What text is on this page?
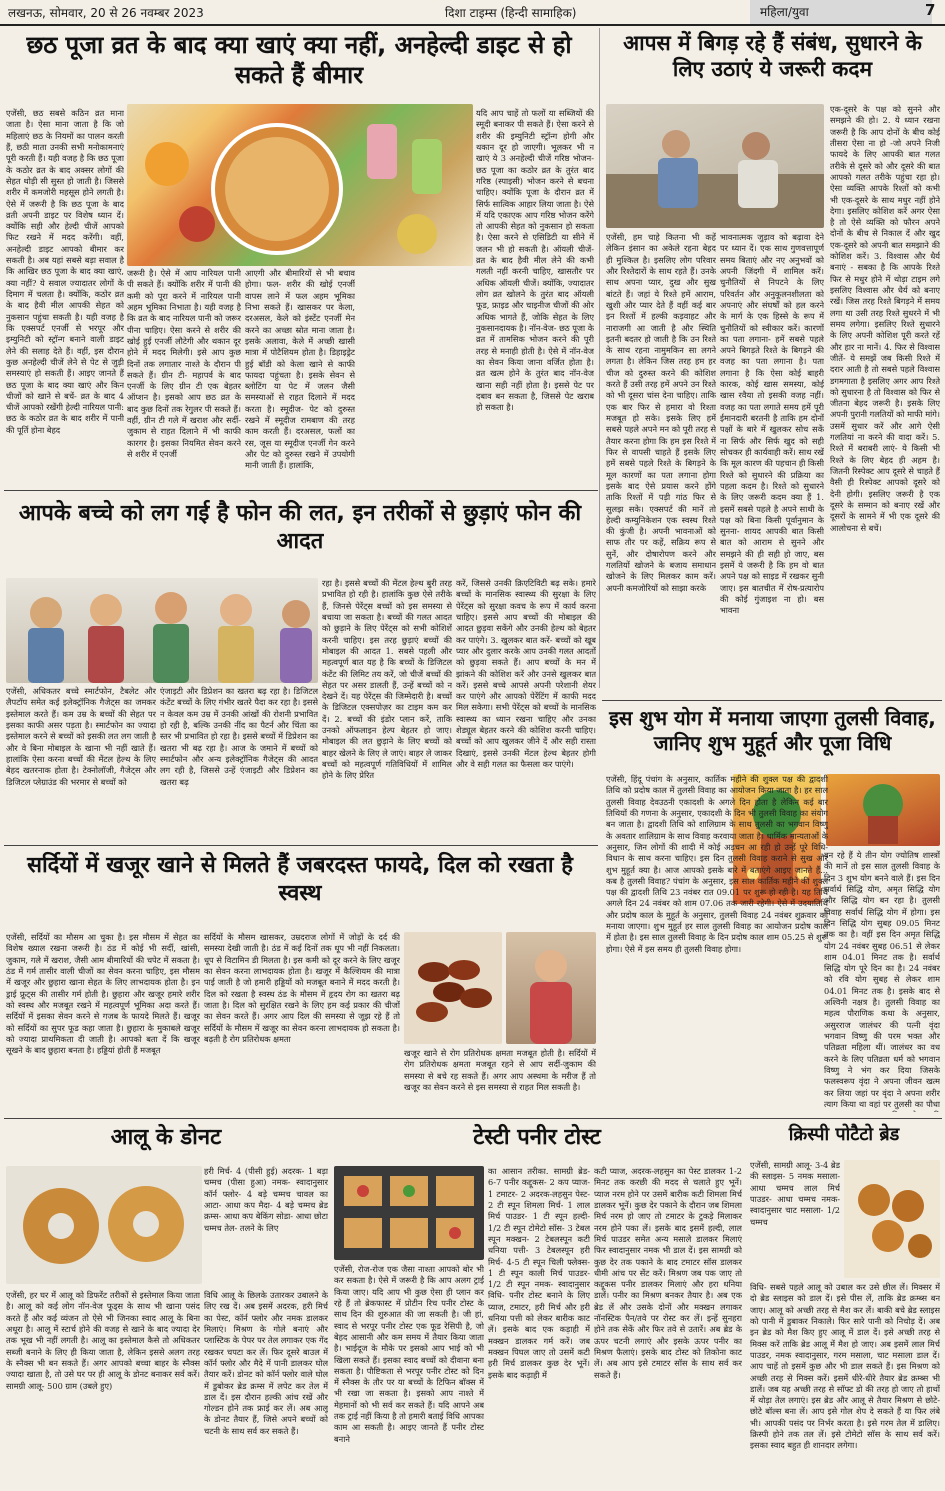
लखनऊ, सोमवार, 20 से 26 नवम्बर 2023	दिशा टाइम्स (हिन्दी सामाहिक)	महिला/युवा	7
छठ पूजा व्रत के बाद क्या खाएं क्या नहीं, अनहेल्दी डाइट से हो सकते हैं बीमार
एजेंसी, छठ सबसे कठिन व्रत माना जाता है। ऐसा माना जाता है कि जो महिलाएं छठ के नियमों का पालन करती हैं, छठी माता उनकी सभी मनोकामनाएं पूरी करती हैं। यही वजह है कि छठ पूजा के कठोर व्रत के बाद अक्सर लोगों की सेहत थोड़ी सी सुस्त हो जाती है। जिससे शरीर में कमजोरी महसूस होने लगती है। ऐसे में जरूरी है कि छठ पूजा के बाद व्रती अपनी डाइट पर विशेष ध्यान दें। क्योंकि सही और हेल्दी चीजें आपको फिट रखने में मदद करेंगी। वहीं, अनहेल्दी डाइट आपको बीमार कर सकती है। अब यहां सबसे बड़ा सवाल है कि आखिर छठ पूजा के बाद क्या खाएं, क्या नहीं? ये सवाल ज्यादातर लोगों के दिमाग में चलता है। क्योंकि, कठोर व्रत के बाद हैवी मील आपकी सेहत को नुकसान पहुंचा सकती है। यही वजह है कि एक्सपर्ट एनर्जी से भरपूर और इम्युनिटी को स्ट्रॉन्ग बनाने वाली डाइट लेने की सलाह देते हैं। वहीं, इस दौरान कुछ अनहेल्दी चीजें लेने से पेट से जुड़ी समस्याएं हो सकती हैं। आइए जानते हैं छठ पूजा के बाद क्या खाएं और किन चीजों को खाने से बचें- व्रत के बाद 4 चीजें आपको रखेंगी हेल्दी नारियल पानी: छठ के कठोर व्रत के बाद शरीर में पानी की पूर्ति होना बेहद
जरूरी है। ऐसे में आप नारियल पानी पी सकते हैं। क्योंकि शरीर में पानी की कमी को पूरा करने में नारियल पानी अहम भूमिका निभाता है। यही वजह है कि व्रत के बाद नारियल पानी को जरूर पीना चाहिए। ऐसा करने से शरीर की खोई हुई एनर्जी लौटेगी और थकान दूर होने में मदद मिलेगी। इसे आप कुछ दिनों तक लगातार नाश्ते के दौरान पी सकते हैं। ग्रीन टी- महापर्व के बाद एनर्जी के लिए ग्रीन टी एक बेहतर ऑप्शन है। इसको आप छठ व्रत के बाद कुछ दिनों तक रेगुलर पी सकते हैं। वहीं, ग्रीन टी गले में खराश और सर्दी-जुकाम से राहत दिलाने में भी काफी कारगर है। इसका नियमित सेवन करने से शरीर में एनर्जी
आएगी और बीमारियों से भी बचाव होगा। फल- शरीर की खोई एनर्जी वापस लाने में फल अहम भूमिका निभा सकते हैं। खासकर पर केला, दरअसल, केले को इंस्टेंट एनर्जी मेन करने का अच्छा स्रोत माना जाता है। इसके अलावा, केले में अच्छी खासी मात्रा में पोटैशियम होता है। डिहाइड्रेट हुई बॉडी को केला खाने से काफी फायदा पहुंचता है। इसके सेवन से ब्लोटिंग या पेट में जलन जैसी समस्याओं से राहत दिलाने में मदद करता है। स्मूदीज- पेट को दुरुस्त रखने में स्मूदीज रामबाण की तरह काम करती हैं। दरअसल, फलों का रस, जूस या स्मूदीज एनर्जी गेन करने और पेट को दुरुस्त रखने में उपयोगी मानी जाती हैं। हालांकि,
यदि आप चाहें तो फलों या सब्जियों की स्मूदी बनाकर पी सकते हैं। ऐसा करने से शरीर की इम्युनिटी स्ट्रॉन्ग होगी और थकान दूर हो जाएगी। भूलकर भी न खाएं ये 3 अनहेल्दी चीजें गरिष्ठ भोजन- छठ पूजा का कठोर व्रत के तुरंत बाद गरिष्ठ (स्पाइसी) भोजन करने से बचना चाहिए। क्योंकि पूजा के दौरान व्रत में सिर्फ सात्विक आहार लिया जाता है। ऐसे में यदि एकाएक आप गरिष्ठ भोजन करेंगे तो आपकी सेहत को नुकसान हो सकता है। ऐसा करने से एसिडिटी या सीने में जलन भी हो सकती है। ऑयली चीजें- व्रत के बाद हैवी मील लेने की कभी गलती नहीं करनी चाहिए, खासतौर पर अधिक ऑयली चीजें। क्योंकि, ज्यादातर लोग व्रत खोलने के तुरंत बाद ऑयली फूड, फ्राइड और चाइनीज चीजों की ओर अधिक भागते हैं, जोकि सेहत के लिए नुकसानदायक है। नॉन-वेज- छठ पूजा के व्रत में तामसिक भोजन करने की पूरी तरह से मनाही होती है। ऐसे में नॉन-वेज का सेवन किया जाना वर्जित होता है। व्रत खत्म होने के तुरंत बाद नॉन-वेज खाना सही नहीं होता है। इससे पेट पर दबाव बन सकता है, जिससे पेट खराब हो सकता है।
आपस में बिगड़ रहे हैं संबंध, सुधारने के लिए उठाएं ये जरूरी कदम
एजेंसी, हम चाहे कितना भी कहें लेकिन इंसान का अकेले रहना बेहद ही मुश्किल है। इसलिए लोग परिवार और रिश्तेदारों के साथ रहते हैं। उनके साथ अपना प्यार, दुख और सुख बांटते हैं। जहां ये रिश्ते हमें आराम, खुशी और प्यार देते हैं वहीं कई बार इन रिश्तों में हल्की कड़वाहट और नाराजगी आ जाती है और स्थिति इतनी बदतर हो जाती है कि उन रिश्ते के साथ रहना नामुमकिन सा लगने लगता है। लेकिन जिस तरह हम हर चीज को दुरुस्त करने की कोशिश करते हैं उसी तरह हमें अपने उन रिश्ते को भी दूसरा चांस देना चाहिए। ताकि एक बार फिर से हमारा वो रिश्ता मजबूत हो सके। इसके लिए हमें सबसे पहले अपने मन को पूरी तरह से तैयार करना होगा कि हम इस रिश्ते में फिर से वापसी चाहते हैं इसके लिए हमें सबसे पहले रिश्ते के बिगड़ने के मूल कारणों का पता लगाना होगा इसके बाद ऐसे प्रयास करने होंगे ताकि रिश्तों में पड़ी गांठ फिर से सुलझ सके। एक्सपर्ट की मानें तो हेल्दी कम्युनिकेशन एक स्वस्थ रिश्ते की कुंजी है। अपनी भावनाओं को साफ तौर पर कहें, सक्रिय रूप से सुनें, और दोषारोपण करने और गलतियों खोजने के बजाय समाधान खोजने के लिए मिलकर काम करें। अपनी कमजोरियों को साझा करके
भावनात्मक जुड़ाव को बढ़ावा देने पर ध्यान दें। एक साथ गुणवत्तापूर्ण समय बिताएं और नए अनुभवों को अपनी जिंदगी में शामिल करें। चुनौतियों से निपटने के लिए परिवर्तन और अनुकूलनशीलता को अपनाएं और संघर्षों को हल करने के मार्ग के एक हिस्से के रूप में चुनौतियों को स्वीकार करें। कारणों का पता लगाना- हमें सबसे पहले अपने बिगड़ते रिश्ते के बिगड़ने की वजह का पता लगाना है। पता लगाना है कि ऐसा कोई बाहरी कारक, कोई खास समस्या, कोई खास रवैया तो इसकी वजह नहीं। वजह का पता लगाते समय हमें पूरी ईमानदारी बरतनी है ताकि हम दोनों पक्षों के बारे में खुलकर सोच सकें ना सिर्फ और सिर्फ खुद को सही सोचकर ही कार्यवाही करें। साथ रखें कि मूल कारण की पहचान ही किसी रिश्ते को सुधारने की प्रक्रिया का पहला कदम है। रिश्ते को सुधारने के लिए जरूरी कदम क्या हैं 1. इसमें सबसे पहले है अपने साथी के पक्ष को बिना किसी पूर्वानुमान के सुनना- शायद आपकी बात किसी बात को आराम से सुनने और समझने की ही सही हो जाए, बस इसमें ये जरूरी है कि हम वो बात अपने पक्ष को साइड में रखकर सुनी जाए। इस बातचीत में रोष-प्रत्यारोप की कोई गुंजाइश ना हो। बस भावना
एक-दूसरे के पक्ष को सुनने और समझने की हो। 2. ये ध्यान रखना जरूरी है कि आप दोनों के बीच कोई तीसरा ऐसा ना हो -जो अपने निजी फायदे के लिए आपकी बात गलत तरीके से दूसरे को और दूसरे की बात आपको गलत तरीके पहुंचा रहा हो। ऐसा व्यक्ति आपके रिश्तों को कभी भी एक-दूसरे के साथ मधुर नहीं होने देगा। इसलिए कोशिश करें अगर ऐसा है तो ऐसे व्यक्ति को फौरन अपने दोनों के बीच से निकाल दें और खुद एक-दूसरे को अपनी बात समझाने की कोशिश करें। 3. विश्वास और धैर्य बनाएं - सबका है कि आपके रिश्ते फिर से मधुर होने में थोड़ा टाइम लगे इसलिए विश्वास और धैर्य को बनाए रखें। जिस तरह रिश्ते बिगड़ने में समय लगा था उसी तरह रिश्ते सुधरने में भी समय लगेगा। इसलिए रिश्ते सुधारने के लिए अपनी कोशिश पूरी करते रहें और हार ना मानें। 4. फिर से विश्वास जीतें- ये समझें जब किसी रिश्ते में दरार आती है तो सबसे पहले विश्वास डगमगाता है इसलिए अगर आप रिश्ते को सुधारना है तो विश्वास को फिर से जीतना बेहद जरूरी है। इसके लिए अपनी पुरानी गलतियों को माफी मांगे। उसमें सुधार करें और आगे ऐसी गलतियां ना करने की वादा करें। 5. रिश्ते में बराबरी लाएं- ये किसी भी रिश्ते के लिए बेहद ही अहम है। जितनी रिस्पेक्ट आप दूसरे से चाहते हैं वैसी ही रिस्पेक्ट आपको दूसरे को देनी होगी। इसलिए जरूरी है एक दूसरे के सम्मान को बनाए रखें और दूसरों के सामने में भी एक दूसरे की आलोचना से बचें।
आपके बच्चे को लग गई है फोन की लत, इन तरीकों से छुड़ाएं फोन की आदत
एजेंसी, अधिकतर बच्चे स्मार्टफोन, टैबलेट और लैपटॉप समेत कई इलेक्ट्रॉनिक गैजेट्स का जमकर इस्तेमाल करते हैं। कम उम्र के बच्चों की सेहत पर इसका काफी असर पड़ता है। स्मार्टफोन का ज्यादा इस्तेमाल करने से बच्चों को इसकी लत लग जाती है और वे बिना मोबाइल के खाना भी नहीं खाते हैं। हालांकि ऐसा करना बच्चों की मेंटल हेल्थ के लिए बेहद खतरनाक होता है। टेक्नोलॉजी, गैजेट्स और डिजिटल प्लेग्राउंड की भरमार से बच्चों को
एंजाइटी और डिप्रेशन का खतरा बढ़ रहा है। डिजिटल कंटेंट बच्चों के लिए गंभीर खतरे पैदा कर रहा है। इससे न केवल कम उम्र में उनकी आंखों की रोशनी प्रभावित हो रही है, बल्कि उनकी नींद का पैटर्न और चिंता का स्तर भी प्रभावित हो रहा है। इससे बच्चों में डिप्रेशन का खतरा भी बढ़ रहा है। आज के जमाने में बच्चों को स्मार्टफोन और अन्य इलेक्ट्रॉनिक गैजेट्स की आदत लग रही है, जिससे उन्हें एंजाइटी और डिप्रेशन का खतरा बढ़
रहा है। इससे बच्चों की मेंटल हेल्थ बुरी तरह प्रभावित हो रही है। हालांकि कुछ ऐसे तरीके हैं, जिनसे पेरेंट्स बच्चों को इस समस्या से बचाया जा सकता है। बच्चों की गलत आदत को छुड़ाने के लिए पेरेंट्स को सभी कोशिशें करनी चाहिए। इस तरह छुड़ाएं बच्चों की मोबाइल की आदत 1. सबसे पहली और महत्वपूर्ण बात यह है कि बच्चों के डिजिटल कंटेंट की लिमिट तय करें, जो चीजें बच्चों की सेहत पर असर डालती हैं, उन्हें बच्चों को न देखने दें। यह पेरेंट्स की जिम्मेदारी है। बच्चों के डिजिटल एक्सपोज़र का टाइम कम कर दें। 2. बच्चों की इंडोर प्लान करें, ताकि उनको ऑफलाइन हेल्प बेहतर हो जाए। मोबाइल की लत छुड़ाने के लिए बच्चों को बाहर खेलने के लिए ले जाएं। बाहर ले जाकर बच्चों को महत्वपूर्ण गतिविधियों में शामिल होने के लिए प्रेरित
करें, जिससे उनकी क्रिएटिविटी बढ़ सके। हमारे बच्चों के मानसिक स्वास्थ्य की सुरक्षा के लिए पेरेंट्स को सुरक्षा कवच के रूप में कार्य करना चाहिए। इससे आप बच्चों की मोबाइल की आदत छुड़वा सकेंगे और उनकी हेल्थ को बेहतर कर पाएंगे। 3. खुलकर बात करें- बच्चों को खूब प्यार और दुलार करके आप उनकी गलत आदतों को छुड़वा सकते हैं। आप बच्चों के मन में झांकने की कोशिश करें और उनसे खुलकर बात करें। इससे बच्चे आपसे अपनी परेशानी शेयर कर पाएंगे और आपको पेरेंटिंग में काफी मदद मिल सकेगा। सभी पेरेंट्स को बच्चों के मानसिक स्वास्थ्य का ध्यान रखना चाहिए और उनका शेड्यूल बेहतर करने की कोशिश करनी चाहिए। बच्चों को आप खुलकर जीने दें और सही रास्ता दिखाएं, इससे उनकी मेंटल हेल्थ बेहतर होगी और वे सही गलत का फैसला कर पाएंगे।
इस शुभ योग में मनाया जाएगा तुलसी विवाह, जानिए शुभ मुहूर्त और पूजा विधि
एजेंसी, हिंदू पंचांग के अनुसार, कार्तिक महीने की शुक्ल पक्ष की द्वादशी तिथि को प्रदोष काल में तुलसी विवाह का आयोजन किया जाता है। हर साल तुलसी विवाह देवउठनी एकादशी के अगले दिन होता है लेकिन कई बार तिथियों की गणना के अनुसार, एकादशी के दिन भी तुलसी विवाह का संयोग बन जाता है। द्वादशी तिथि को शालिग्राम के साथ तुलसी का भगवान विष्णु के अवतार शालिग्राम के साथ विवाह करवाया जाता है। धार्मिक मान्यताओं के अनुसार, जिन लोगों की शादी में कोई अड़चन आ रही हो उन्हें पूरे विधि-विधान के साथ करना चाहिए। इस दिन तुलसी विवाह कराने से सुख और शुभ मुहूर्त क्या है। आज आपको इसके बारे में बताएंगे आइए जानते हैं... कब है तुलसी विवाह? पंचांग के अनुसार, इस साल कार्तिक महीने की शुक्ल पक्ष की द्वादशी तिथि 23 नवंबर रात 09.01 पर शुरू हो रही है। यह तिथि अगले दिन 24 नवंबर को शाम 07.06 तक जारी रहेगी। ऐसे में उदयातिथि और प्रदोष काल के मुहूर्त के अनुसार, तुलसी विवाह 24 नवंबर शुक्रवार को मनाया जाएगा। शुभ मुहूर्त हर साल तुलसी विवाह का आयोजन प्रदोष काल में होता है। इस साल तुलसी विवाह के दिन प्रदोष काल शाम 05.25 से शुरू होगा। ऐसे में इस समय ही तुलसी विवाह होगा।
बन रहे हैं ये तीन योग ज्योतिष शास्त्रों की मानें तो इस साल तुलसी विवाह के दिन 3 शुभ योग बनने वाले हैं। इस दिन सर्वार्थ सिद्धि योग, अमृत सिद्धि योग और सिद्धि योग बन रहा है। तुलसी विवाह सर्वार्थ सिद्धि योग में होगा। इस दिन सिद्धि योग सुबह 09.05 मिनट तक का है। वहीं इस दिन अमृत सिद्धि योग 24 नवंबर सुबह 06.51 से लेकर शाम 04.01 मिनट तक है। सर्वार्थ सिद्धि योग पूरे दिन का है। 24 नवंबर को रवि योग सुबह से लेकर शाम 04.01 मिनट तक है। इसके बाद से अश्विनी नक्षत्र है। तुलसी विवाह का महत्व पौराणिक कथा के अनुसार, असुरराज जालंधर की पत्नी वृंदा भगवान विष्णु की परम भक्त और पतिव्रता महिला थीं। जालंधर का वध करने के लिए पतिव्रता धर्म को भगवान विष्णु ने भंग कर दिया जिसके फलस्वरूप वृंदा ने अपना जीवन खत्म कर लिया जहां पर वृंदा ने अपना शरीर त्याग किया था वहां पर तुलसी का पौधा
सर्दियों में खजूर खाने से मिलते हैं जबरदस्त फायदे, दिल को रखता है स्वस्थ
एजेंसी, सर्दियों का मौसम आ चुका है। इस मौसम में सेहत का विशेष ख्याल रखना जरूरी है। ठंड में कोई भी सर्दी, खांसी, जुकाम, गले में खराश, जैसी आम बीमारियों की चपेट में सकता है। ठंड में गर्म तासीर वाली चीजों का सेवन करना चाहिए, इस मौसम में खजूर और छुहारा खाना सेहत के लिए लाभदायक होता है। इन ड्राई फ्रूट्स की तासीर गर्म होती है। छुहारा और खजूर हमारे शरीर को स्वस्थ और मजबूत रखने में महत्वपूर्ण भूमिका अदा करते हैं। सर्दियों में इसका सेवन करने से गजब के फायदे मिलते हैं। खजूर को सर्दियों का सुपर फूड कहा जाता है। छुहारा के मुकाबले खजूर को ज्यादा प्राथमिकता दी जाती है। आपको बता दें कि खजूर सूखने के बाद छुहारा बनता है। हड्डियां होती हैं मजबूत
सर्दियों के मौसम खासकर, उम्रदराज लोगों में जोड़ों के दर्द की समस्या देखी जाती है। ठंड में कई दिनों तक धूप भी नहीं निकलता। धूप से विटामिन डी मिलता है। इस कमी को दूर करने के लिए खजूर का सेवन करना लाभदायक होता है। खजूर में कैल्शियम की मात्रा पाई जाती है जो हमारी हड्डियों को मजबूत बनाने में मदद करती है। दिल को रखता है स्वस्थ ठंड के मौसम में हृदय रोग का खतरा बढ़ जाता है। दिल को सुरक्षित रखने के लिए हम कई प्रकार की चीजों का सेवन करते हैं। अगर आप दिल की समस्या से जूझ रहे हैं तो सर्दियों के मौसम में खजूर का सेवन करना लाभदायक हो सकता है। बढ़ती है रोग प्रतिरोधक क्षमता
खजूर खाने से रोग प्रतिरोधक क्षमता मजबूत होती है। सर्दियों में रोग प्रतिरोधक क्षमता मजबूत रहने से आप सर्दी-जुकाम की समस्या से बचे रह सकते हैं। अगर आप अस्थमा के मरीज हैं तो खजूर का सेवन करने से इस समस्या से राहत मिल सकती है।
आलू के डोनट
हरी मिर्च- 4 (पीसी हुई) अदरक- 1 बड़ा चम्मच (पीसा हुआ) नमक- स्वादानुसार कॉर्न फ्लोर- 4 बड़े चम्मच चावल का आटा- आधा कप मैदा- 4 बड़े चम्मच ब्रेड क्रम्स- आधा कप बेकिंग सोडा- आधा छोटा चम्मच तेल- तलने के लिए
एजेंसी, हर घर में आलू को डिफरेंट तरीकों से इस्तेमाल किया जाता है। आलू को कई लोग नॉन-वेज फूड्स के साथ भी खाना पसंद करते हैं और कई व्यंजन तो ऐसे भी जिनका स्वाद आलू के बिना अधूरा है। आलू में स्टार्च होने की वजह से खाने के बाद ज्यादा देर तक भूख भी नहीं लगती है। आलू का इस्तेमाल कैसे तो अधिकतर सब्जी बनाने के लिए ही किया जाता है, लेकिन इससे अलग तरह के स्नैक्स भी बन सकते हैं। अगर आपको बच्चा बाहर के स्नैक्स ज्यादा खाता है, तो उसे घर पर ही आलू के डोनट बनाकर सर्व करें। सामग्री आलू- 500 ग्राम (उबले हुए)
विधि आलू के छिलके उतारकर उबालने के लिए रख दें। अब इसमें अदरक, हरी मिर्च का पेस्ट, कॉर्न फ्लोर और नमक डालकर मिलाएं। मिश्रण के गोले बनाएं और प्लास्टिक के पेपर पर तेल लगाकर एक गेंद रखकर चपटा कर लें। फिर दूसरे बाउल में कॉर्न फ्लोर और मैदे में पानी डालकर घोल तैयार करें। डोनट को कॉर्न फ्लोर वाले घोल में डुबोकर ब्रेड क्रम्स में लपेट कर तेल में डाल दें। इस दौरान हल्की आंच रखें और गोल्डन होने तक फ्राई कर लें। अब आलू के डोनट तैयार हैं, जिसे अपने बच्चों को चटनी के साथ सर्व कर सकते हैं।
टेस्टी पनीर टोस्ट
एजेंसी, रोज-रोज एक जैसा नाश्ता आपको बोर भी कर सकता है। ऐसे में जरूरी है कि आप अलग ट्राई किया जाए। यदि आप भी कुछ ऐसा ही प्लान कर रहे हैं तो ब्रेकफास्ट में प्रोटीन रिच पनीर टोस्ट के साथ दिन की शुरुआत की जा सकती है। जी हां, स्वाद से भरपूर पनीर टोस्ट एक फूड रेसिपी है, जो बेहद आसानी और कम समय में तैयार किया जाता है। भाईदूज के मौके पर इसको आप भाई को भी खिला सकते हैं। इसका स्वाद बच्चों को दीवाना बना सकता है। पौष्टिकता से भरपूर पनीर टोस्ट को दिन में स्नैक्स के तौर पर या बच्चों के टिफिन बॉक्स में भी रखा जा सकता है। इसको आप नाश्ते में मेहमानों को भी सर्व कर सकते हैं। यदि आपने अब तक ट्राई नहीं किया है तो हमारी बताई विधि आपका काम आ सकती है। आइए जानते हैं पनीर टोस्ट बनाने
का आसान तरीका. सामग्री ब्रेड- 6-7 पनीर कद्दूकस- 2 कप प्याज- 1 टमाटर- 2 अदरक-लहसुन पेस्ट- 2 टी स्पून शिमला मिर्च- 1 लाल मिर्च पाउडर- 1 टी स्पून हल्दी- 1/2 टी स्पून टोमेटो सॉस- 3 टेबल स्पून मक्खन- 2 टेबलस्पून कटी धनिया पत्ती- 3 टेबलस्पून हरी मिर्च- 4-5 टी स्पून चिली फ्लेक्स- 1 टी स्पून काली मिर्च पाउडर- 1/2 टी स्पून नमक- स्वादानुसार विधि- पनीर टोस्ट बनाने के लिए प्याज, टमाटर, हरी मिर्च और हरी धनिया पत्ती को लेकर बारीक काट लें। इसके बाद एक कड़ाही में मक्खन डालकर गर्म करें। जब मक्खन पिघल जाए तो उसमें कटी हरी मिर्च डालकर कुछ देर भूनें। इसके बाद कड़ाही में
कटी प्याज, अदरक-लहसुन का पेस्ट डालकर 1-2 मिनट तक करछी की मदद से चलाते हुए भूनें। प्याज नरम होने पर उसमें बारीक कटी शिमला मिर्च डालकर भूनें। कुछ देर पकाने के दौरान जब शिमला मिर्च नरम हो जाए तो टमाटर के टुकड़े मिलाकर नरम होने पका लें। इसके बाद इसमें हल्दी, लाल मिर्च पाउडर समेत अन्य मसाले डालकर मिलाएं फिर स्वादानुसार नमक भी डाल दें। इस सामग्री को कुछ देर तक पकाने के बाद टमाटर सॉस डालकर धीमी आंच पर सेंट करें। मिश्रण जब पक जाए तो कद्दूकस पनीर डालकर मिलाएं और हरा धनिया डालें। पनीर का मिश्रण बनकर तैयार है। अब एक ब्रेड लें और उसके दोनों और मक्खन लगाकर नॉनस्टिक पैन/तवे पर रोस्ट कर लें। इन्हें सुनहरा होने तक सेकें और फिर तवे से उतारें। अब ब्रेड के ऊपर चटनी लगाएं और इसके ऊपर पनीर का मिश्रण फैलाएं। इसके बाद टोस्ट को तिकोना काट लें। अब आप इसे टमाटर सॉस के साथ सर्व कर सकते हैं।
क्रिस्पी पोटैटो ब्रेड
एजेंसी, सामग्री आलू- 3-4 ब्रेड की स्लाइस- 5 नमक मसाला- आधा चम्मच लाल मिर्च पाउडर- आधा चम्मच नमक- स्वादानुसार चाट मसाला- 1/2 चम्मच
विधि- सबसे पहले आलू को उबाल कर उसे छील लें। मिक्सर में दो ब्रेड स्लाइस को डाल दें। इसे पीस लें, ताकि ब्रेड क्रम्ब्स बन जाए। आलू को अच्छी तरह से मैश कर लें। बाकी बचे ब्रेड स्लाइस को पानी में डुबाकर निकाले। फिर सारे पानी को निचोड़ दें। अब इन ब्रेड को मैश किए हुए आलू में डाल दें। इसे अच्छी तरह से मिक्स करें ताकि ब्रेड आलू में मैश हो जाए। अब इसमें लाल मिर्च पाउडर, नमक स्वादानुसार, गरम मसाला, चाट मसाला डाल दें। आप चाहें तो इसमें कुछ और भी डाल सकते हैं। इस मिश्रण को अच्छी तरह से मिक्स करें। इसमें धीरे-धीरे तैयार ब्रेड क्रम्ब्स भी डालें। जब यह अच्छी तरह से सॉफ्ट डो की तरह हो जाए तो हाथों में थोड़ा तेल लगाएं। इस ब्रेड और आलू से तैयार मिश्रण से छोटे-छोटे बॉल्स बना लें। आप इसे गोल शेप दे सकते हैं या फिर लंबे भी। आपकी पसंद पर निर्भर करता है। इसे गरम तेल में डालिए। क्रिस्पी होने तक तल लें। इसे टोमेटो सॉस के साथ सर्व करें। इसका स्वाद बहुत ही शानदार लगेगा।
